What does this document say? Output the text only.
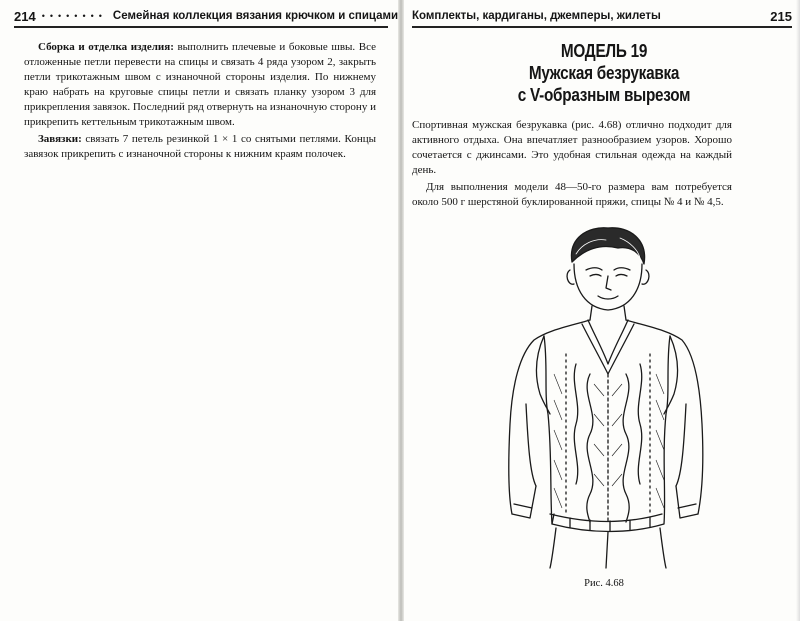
214 •••••••• Семейная коллекция вязания крючком и спицами

Сборка и отделка изделия: выполнить плечевые и боковые швы. Все отложенные петли перевести на спицы и связать 4 ряда узором 2, закрыть петли трикотажным швом с изнаночной стороны изделия. По нижнему краю набрать на круговые спицы петли и связать планку узором 3 для прикрепления завязок. Последний ряд отвернуть на изнаночную сторону и прикрепить кеттельным трикотажным швом.

Завязки: связать 7 петель резинкой 1 × 1 со снятыми петлями. Концы завязок прикрепить с изнаночной стороны к нижним краям полочек.

Комплекты, кардиганы, джемперы, жилеты	215
МОДЕЛЬ 19
Мужская безрукавка
с V-образным вырезом

Спортивная мужская безрукавка (рис. 4.68) отлично подходит для активного отдыха. Она впечатляет разнообразием узоров. Хорошо сочетается с джинсами. Это удобная стильная одежда на каждый день.

Для выполнения модели 48—50-го размера вам потребуется около 500 г шерстяной буклированной пряжи, спицы № 4 и № 4,5.

Рис. 4.68
